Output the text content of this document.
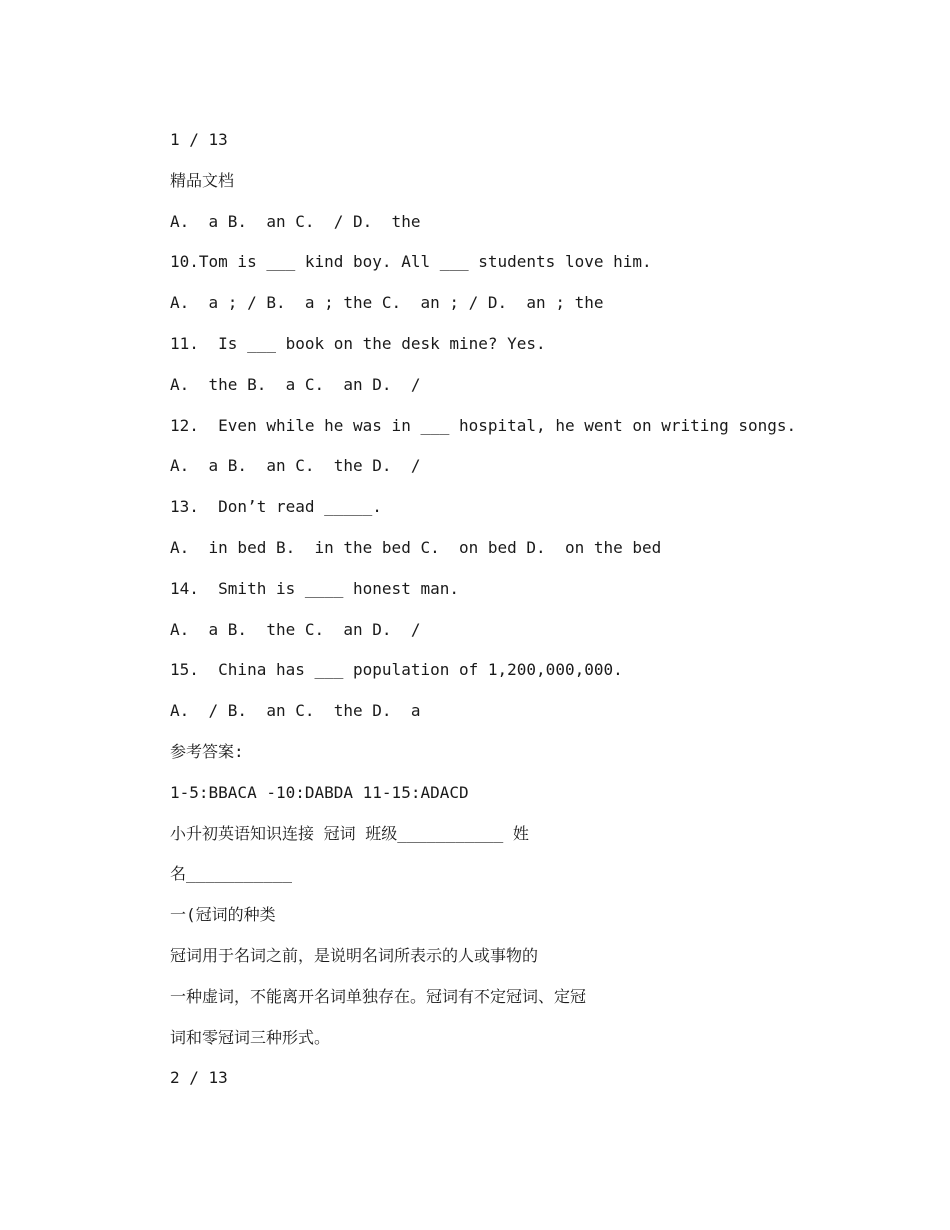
1 / 13
精品文档
A.  a B.  an C.  / D.  the
10.Tom is ___ kind boy. All ___ students love him.
A.  a ; / B.  a ; the C.  an ; / D.  an ; the
11.  Is ___ book on the desk mine? Yes.
A.  the B.  a C.  an D.  /
12.  Even while he was in ___ hospital, he went on writing songs.
A.  a B.  an C.  the D.  /
13.  Don’t read _____.
A.  in bed B.  in the bed C.  on bed D.  on the bed
14.  Smith is ____ honest man.
A.  a B.  the C.  an D.  /
15.  China has ___ population of 1,200,000,000.
A.  / B.  an C.  the D.  a
参考答案:
1-5:BBACA -10:DABDA 11-15:ADACD
小升初英语知识连接 冠词 班级___________ 姓
名___________
一(冠词的种类
冠词用于名词之前，是说明名词所表示的人或事物的
一种虚词，不能离开名词单独存在。冠词有不定冠词、定冠
词和零冠词三种形式。
2 / 13
